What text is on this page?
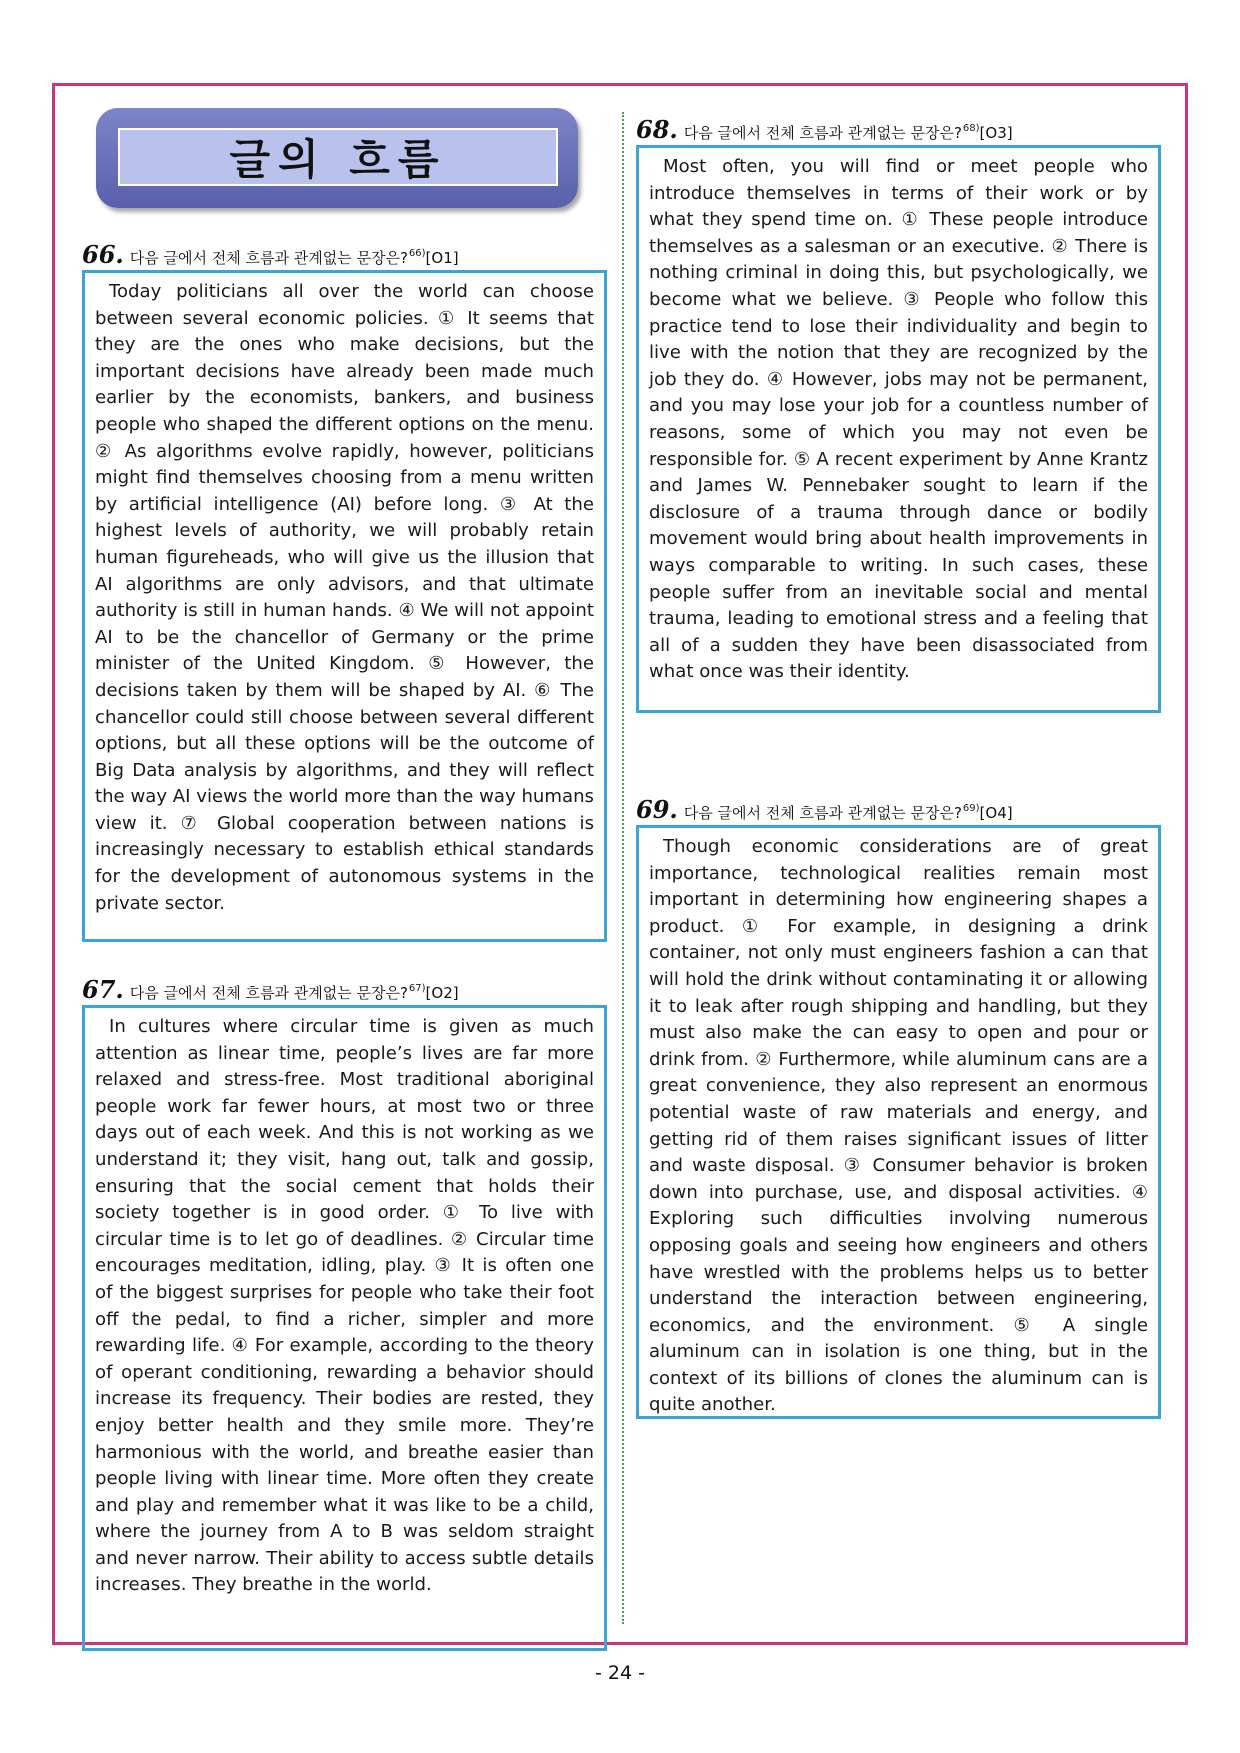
글의 흐름
66. 다음 글에서 전체 흐름과 관계없는 문장은? 66) [O1]

Today politicians all over the world can choose between several economic policies. ① It seems that they are the ones who make decisions, but the important decisions have already been made much earlier by the economists, bankers, and business people who shaped the different options on the menu. ② As algorithms evolve rapidly, however, politicians might find themselves choosing from a menu written by artificial intelligence (AI) before long. ③ At the highest levels of authority, we will probably retain human figureheads, who will give us the illusion that AI algorithms are only advisors, and that ultimate authority is still in human hands. ④ We will not appoint AI to be the chancellor of Germany or the prime minister of the United Kingdom. ⑤ However, the decisions taken by them will be shaped by AI. ⑥ The chancellor could still choose between several different options, but all these options will be the outcome of Big Data analysis by algorithms, and they will reflect the way AI views the world more than the way humans view it. ⑦ Global cooperation between nations is increasingly necessary to establish ethical standards for the development of autonomous systems in the private sector.

67. 다음 글에서 전체 흐름과 관계없는 문장은? 67) [O2]

In cultures where circular time is given as much attention as linear time, people’s lives are far more relaxed and stress-free. Most traditional aboriginal people work far fewer hours, at most two or three days out of each week. And this is not working as we understand it; they visit, hang out, talk and gossip, ensuring that the social cement that holds their society together is in good order. ① To live with circular time is to let go of deadlines. ② Circular time encourages meditation, idling, play. ③ It is often one of the biggest surprises for people who take their foot off the pedal, to find a richer, simpler and more rewarding life. ④ For example, according to the theory of operant conditioning, rewarding a behavior should increase its frequency. Their bodies are rested, they enjoy better health and they smile more. They’re harmonious with the world, and breathe easier than people living with linear time. More often they create and play and remember what it was like to be a child, where the journey from A to B was seldom straight and never narrow. Their ability to access subtle details increases. They breathe in the world.

68. 다음 글에서 전체 흐름과 관계없는 문장은? 68) [O3]

Most often, you will find or meet people who introduce themselves in terms of their work or by what they spend time on. ① These people introduce themselves as a salesman or an executive. ② There is nothing criminal in doing this, but psychologically, we become what we believe. ③ People who follow this practice tend to lose their individuality and begin to live with the notion that they are recognized by the job they do. ④ However, jobs may not be permanent, and you may lose your job for a countless number of reasons, some of which you may not even be responsible for. ⑤ A recent experiment by Anne Krantz and James W. Pennebaker sought to learn if the disclosure of a trauma through dance or bodily movement would bring about health improvements in ways comparable to writing. In such cases, these people suffer from an inevitable social and mental trauma, leading to emotional stress and a feeling that all of a sudden they have been disassociated from what once was their identity.

69. 다음 글에서 전체 흐름과 관계없는 문장은? 69) [O4]

Though economic considerations are of great importance, technological realities remain most important in determining how engineering shapes a product. ① For example, in designing a drink container, not only must engineers fashion a can that will hold the drink without contaminating it or allowing it to leak after rough shipping and handling, but they must also make the can easy to open and pour or drink from. ② Furthermore, while aluminum cans are a great convenience, they also represent an enormous potential waste of raw materials and energy, and getting rid of them raises significant issues of litter and waste disposal. ③ Consumer behavior is broken down into purchase, use, and disposal activities. ④ Exploring such difficulties involving numerous opposing goals and seeing how engineers and others have wrestled with the problems helps us to better understand the interaction between engineering, economics, and the environment. ⑤ A single aluminum can in isolation is one thing, but in the context of its billions of clones the aluminum can is quite another.

- 24 -
